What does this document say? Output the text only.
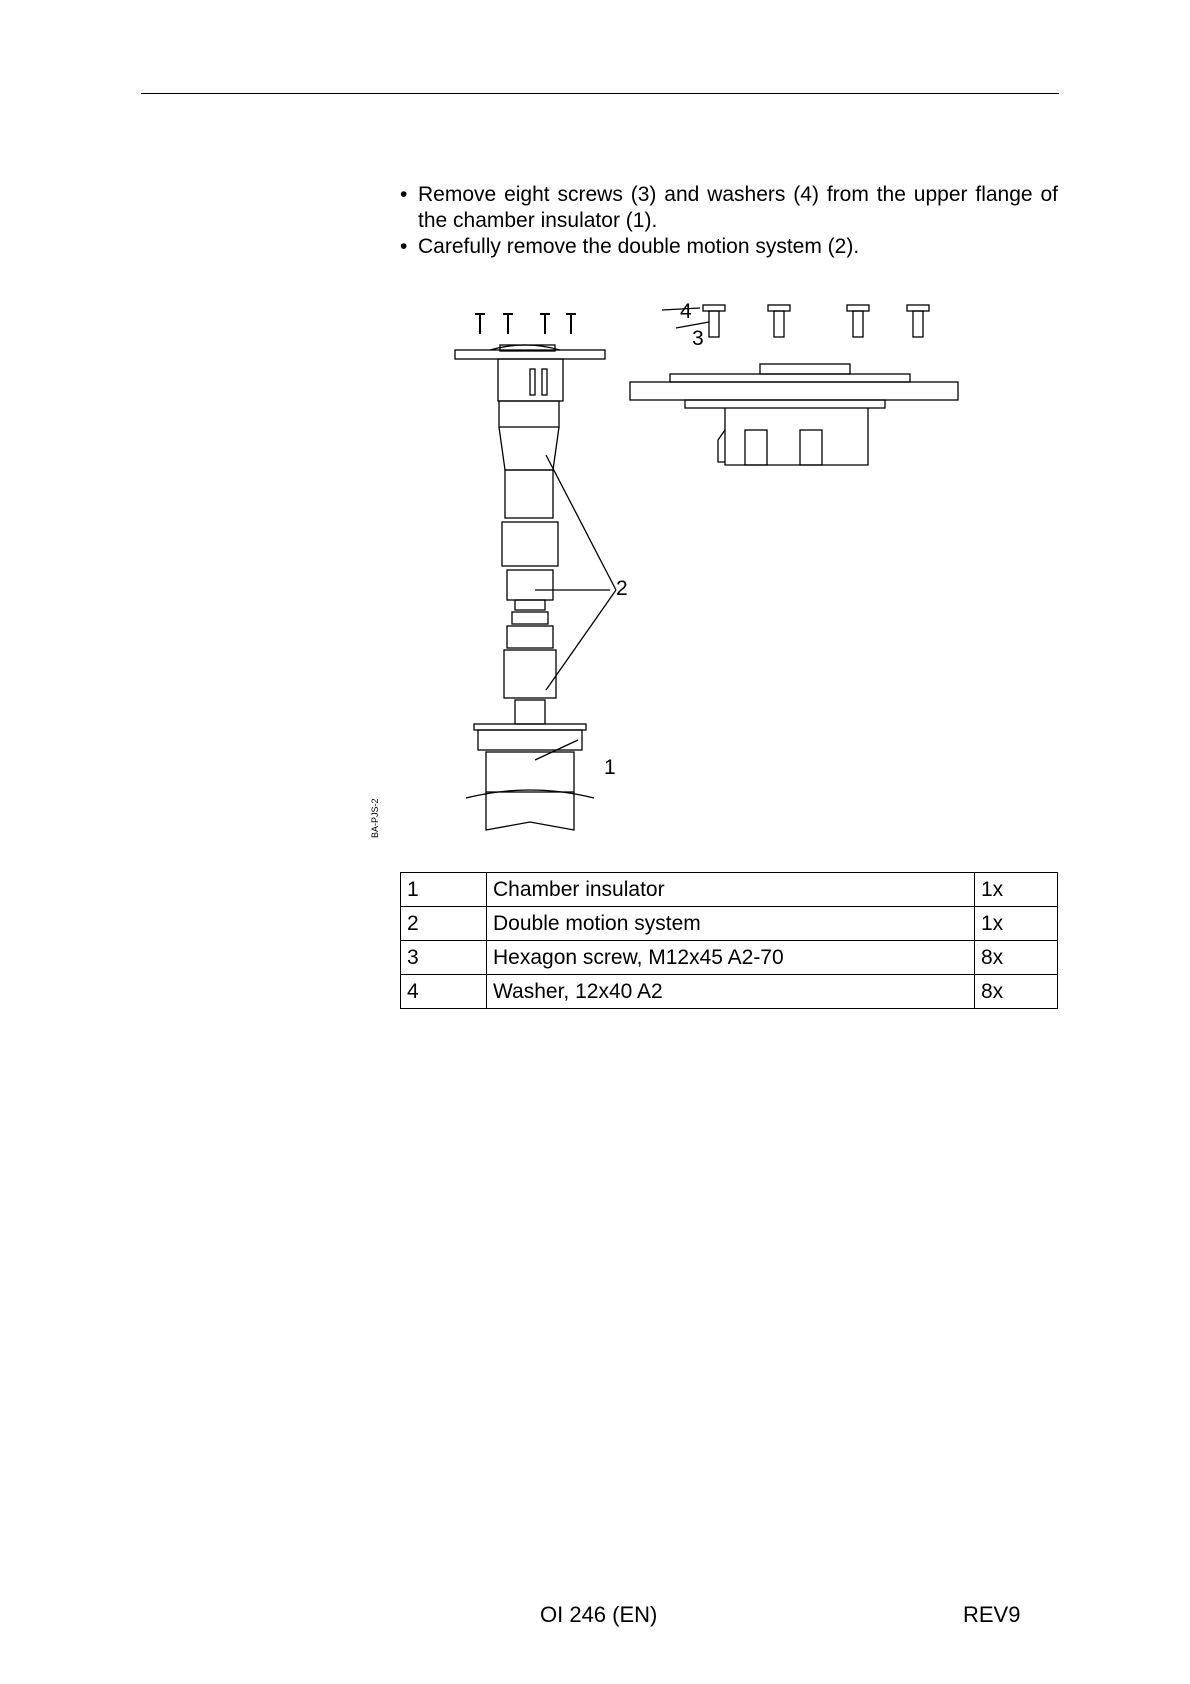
• Remove eight screws (3) and washers (4) from the upper flange of the chamber insulator (1).
• Carefully remove the double motion system (2).
BA-PJS-2
1
2
3
4
1	Chamber insulator	1x
2	Double motion system	1x
3	Hexagon screw, M12x45 A2-70	8x
4	Washer, 12x40 A2	8x
OI 246 (EN)	REV9
